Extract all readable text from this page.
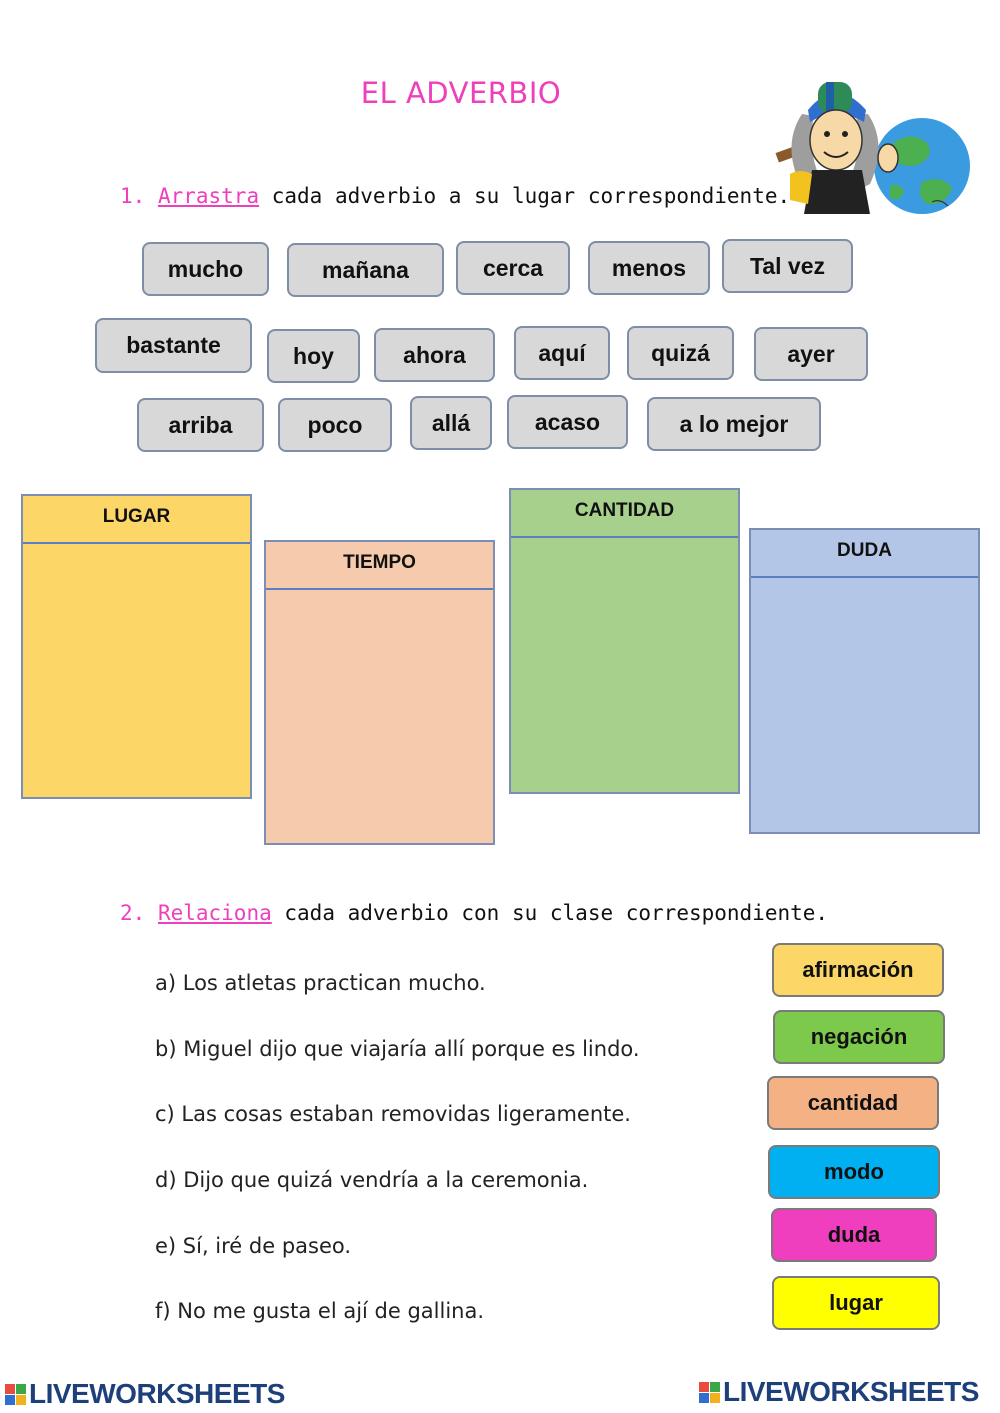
EL ADVERBIO
1. Arrastra cada adverbio a su lugar correspondiente.
mucho	mañana	cerca	menos	Tal vez
bastante	hoy	ahora	aquí	quizá	ayer
arriba	poco	allá	acaso	a lo mejor
LUGAR
TIEMPO
CANTIDAD
DUDA
2. Relaciona cada adverbio con su clase correspondiente.
a) Los atletas practican mucho.
b) Miguel dijo que viajaría allí porque es lindo.
c) Las cosas estaban removidas ligeramente.
d) Dijo que quizá vendría a la ceremonia.
e) Sí, iré de paseo.
f) No me gusta el ají de gallina.
afirmación
negación
cantidad
modo
duda
lugar
LIVEWORKSHEETS	LIVEWORKSHEETS
